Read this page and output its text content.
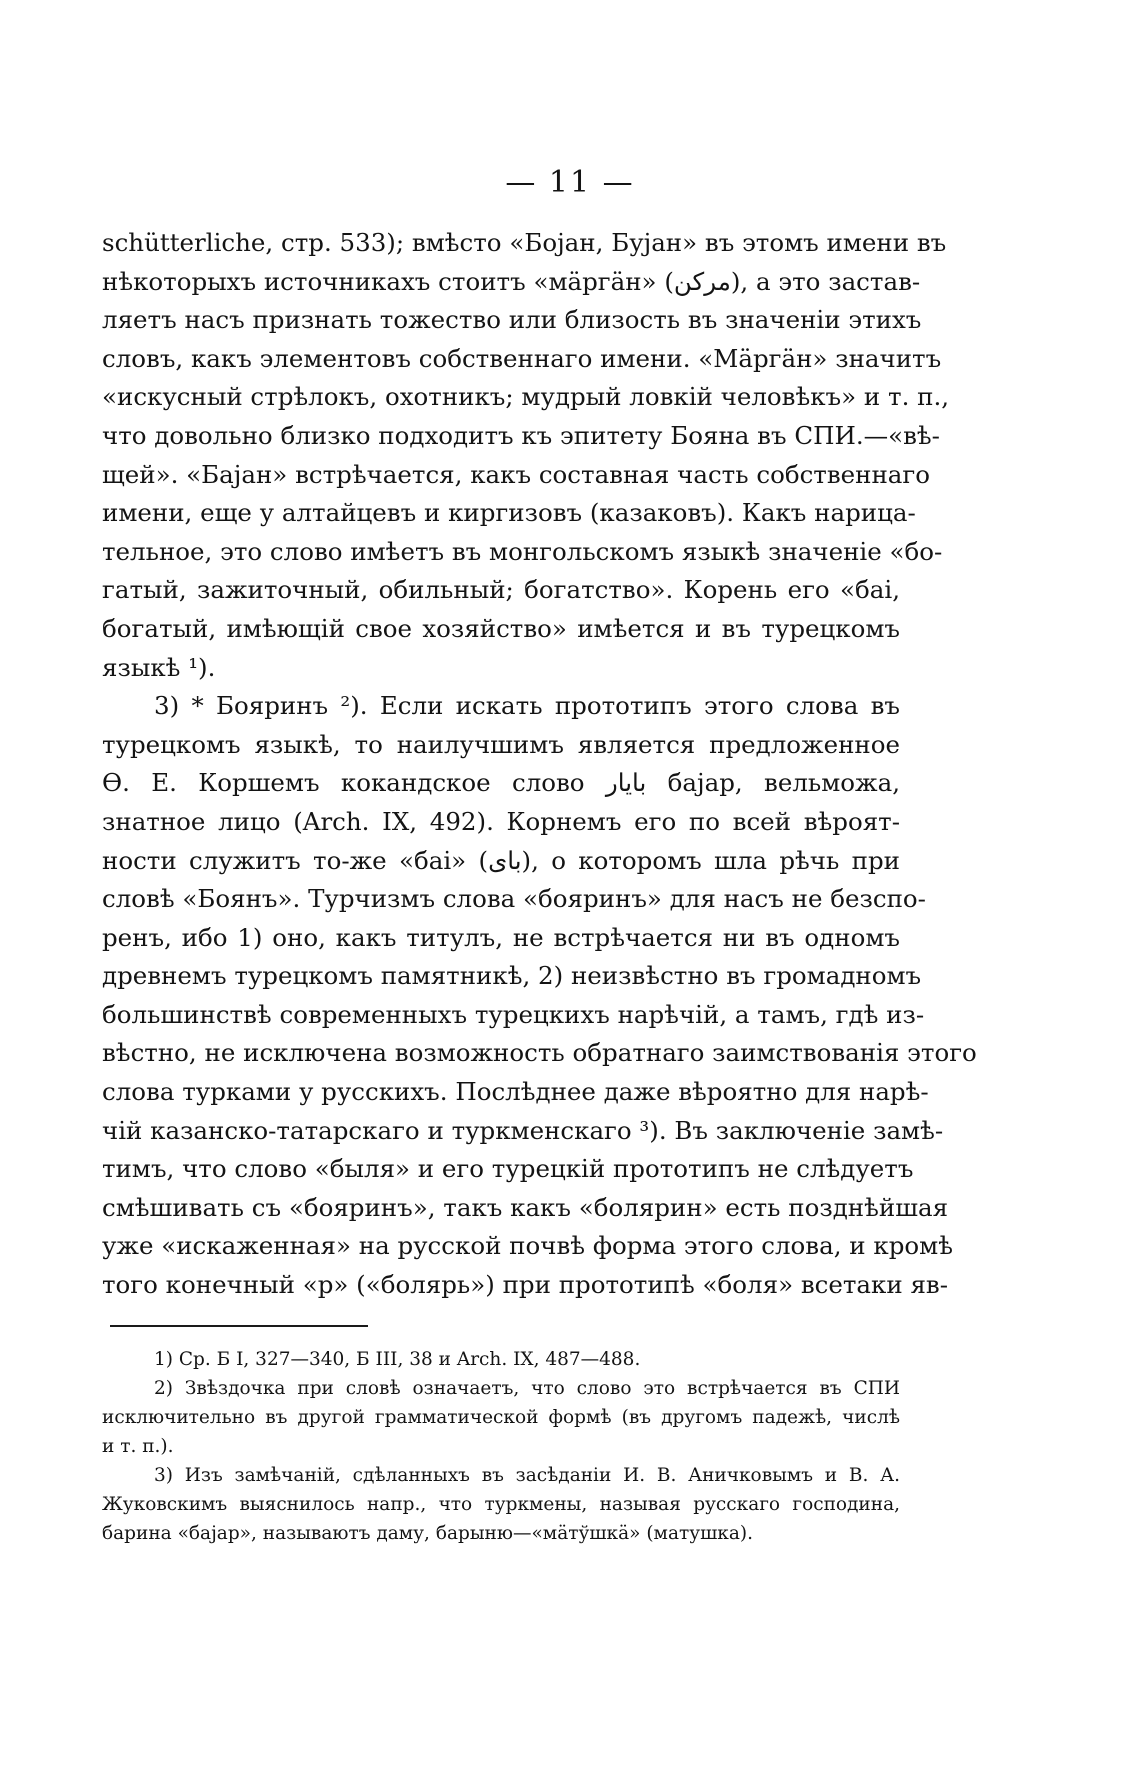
— 11 —
schütterliche, стр. 533); вмѣсто «Бојан, Бујан» въ этомъ имени въ
нѣкоторыхъ источникахъ стоитъ «мäргäн» (مرکن), а это застав-
ляетъ насъ признать тожество или близость въ значеніи этихъ
словъ, какъ элементовъ собственнаго имени. «Мäргäн» значитъ
«искусный стрѣлокъ, охотникъ; мудрый ловкій человѣкъ» и т. п.,
что довольно близко подходитъ къ эпитету Бояна въ СПИ.—«вѣ-
щей». «Бајан» встрѣчается, какъ составная часть собственнаго
имени, еще у алтайцевъ и киргизовъ (казаковъ). Какъ нарица-
тельное, это слово имѣетъ въ монгольскомъ языкѣ значеніе «бо-
гатый, зажиточный, обильный; богатство». Корень его «баі,
богатый, имѣющій свое хозяйство» имѣется и въ турецкомъ
языкѣ ¹).
3) * Бояринъ ²). Если искать прототипъ этого слова въ
турецкомъ языкѣ, то наилучшимъ является предложенное
Ѳ. Е. Коршемъ кокандское слово بایار бајар, вельможа,
знатное лицо (Arch. IX, 492). Корнемъ его по всей вѣроят-
ности служитъ то-же «баі» (بای), о которомъ шла рѣчь при
словѣ «Боянъ». Турчизмъ слова «бояринъ» для насъ не безспо-
ренъ, ибо 1) оно, какъ титулъ, не встрѣчается ни въ одномъ
древнемъ турецкомъ памятникѣ, 2) неизвѣстно въ громадномъ
большинствѣ современныхъ турецкихъ нарѣчій, а тамъ, гдѣ из-
вѣстно, не исключена возможность обратнаго заимствованія этого
слова турками у русскихъ. Послѣднее даже вѣроятно для нарѣ-
чій казанско-татарскаго и туркменскаго ³). Въ заключеніе замѣ-
тимъ, что слово «быля» и его турецкій прототипъ не слѣдуетъ
смѣшивать съ «бояринъ», такъ какъ «болярин» есть позднѣйшая
уже «искаженная» на русской почвѣ форма этого слова, и кромѣ
того конечный «р» («болярь») при прототипѣ «боля» всетаки яв-
1) Ср. Б I, 327—340, Б III, 38 и Arch. IX, 487—488.
2) Звѣздочка при словѣ означаетъ, что слово это встрѣчается въ СПИ
исключительно въ другой грамматической формѣ (въ другомъ падежѣ, числѣ
и т. п.).
3) Изъ замѣчаній, сдѣланныхъ въ засѣданіи И. В. Аничковымъ и В. А.
Жуковскимъ выяснилось напр., что туркмены, называя русскаго господина,
барина «бајар», называютъ даму, барыню—«мäтўшкä» (матушка).
